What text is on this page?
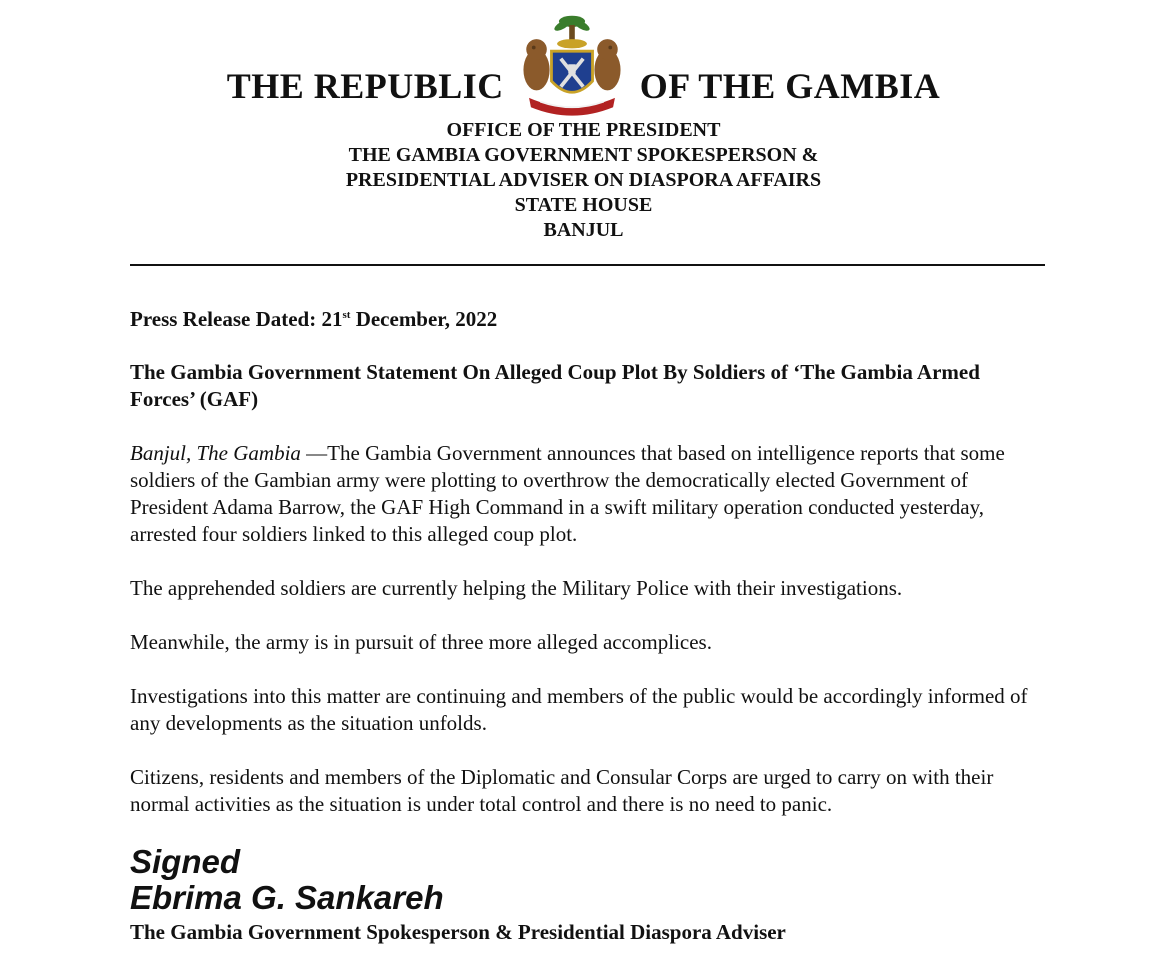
THE REPUBLIC	OF THE GAMBIA
OFFICE OF THE PRESIDENT
THE GAMBIA GOVERNMENT SPOKESPERSON &
PRESIDENTIAL ADVISER ON DIASPORA AFFAIRS
STATE HOUSE
BANJUL

Press Release Dated: 21st December, 2022

The Gambia Government Statement On Alleged Coup Plot By Soldiers of ‘The Gambia Armed Forces’ (GAF)

Banjul, The Gambia —The Gambia Government announces that based on intelligence reports that some soldiers of the Gambian army were plotting to overthrow the democratically elected Government of President Adama Barrow, the GAF High Command in a swift military operation conducted yesterday, arrested four soldiers linked to this alleged coup plot.

The apprehended soldiers are currently helping the Military Police with their investigations.

Meanwhile, the army is in pursuit of three more alleged accomplices.

Investigations into this matter are continuing and members of the public would be accordingly informed of any developments as the situation unfolds.

Citizens, residents and members of the Diplomatic and Consular Corps are urged to carry on with their normal activities as the situation is under total control and there is no need to panic.

Signed
Ebrima G. Sankareh
The Gambia Government Spokesperson & Presidential Diaspora Adviser
